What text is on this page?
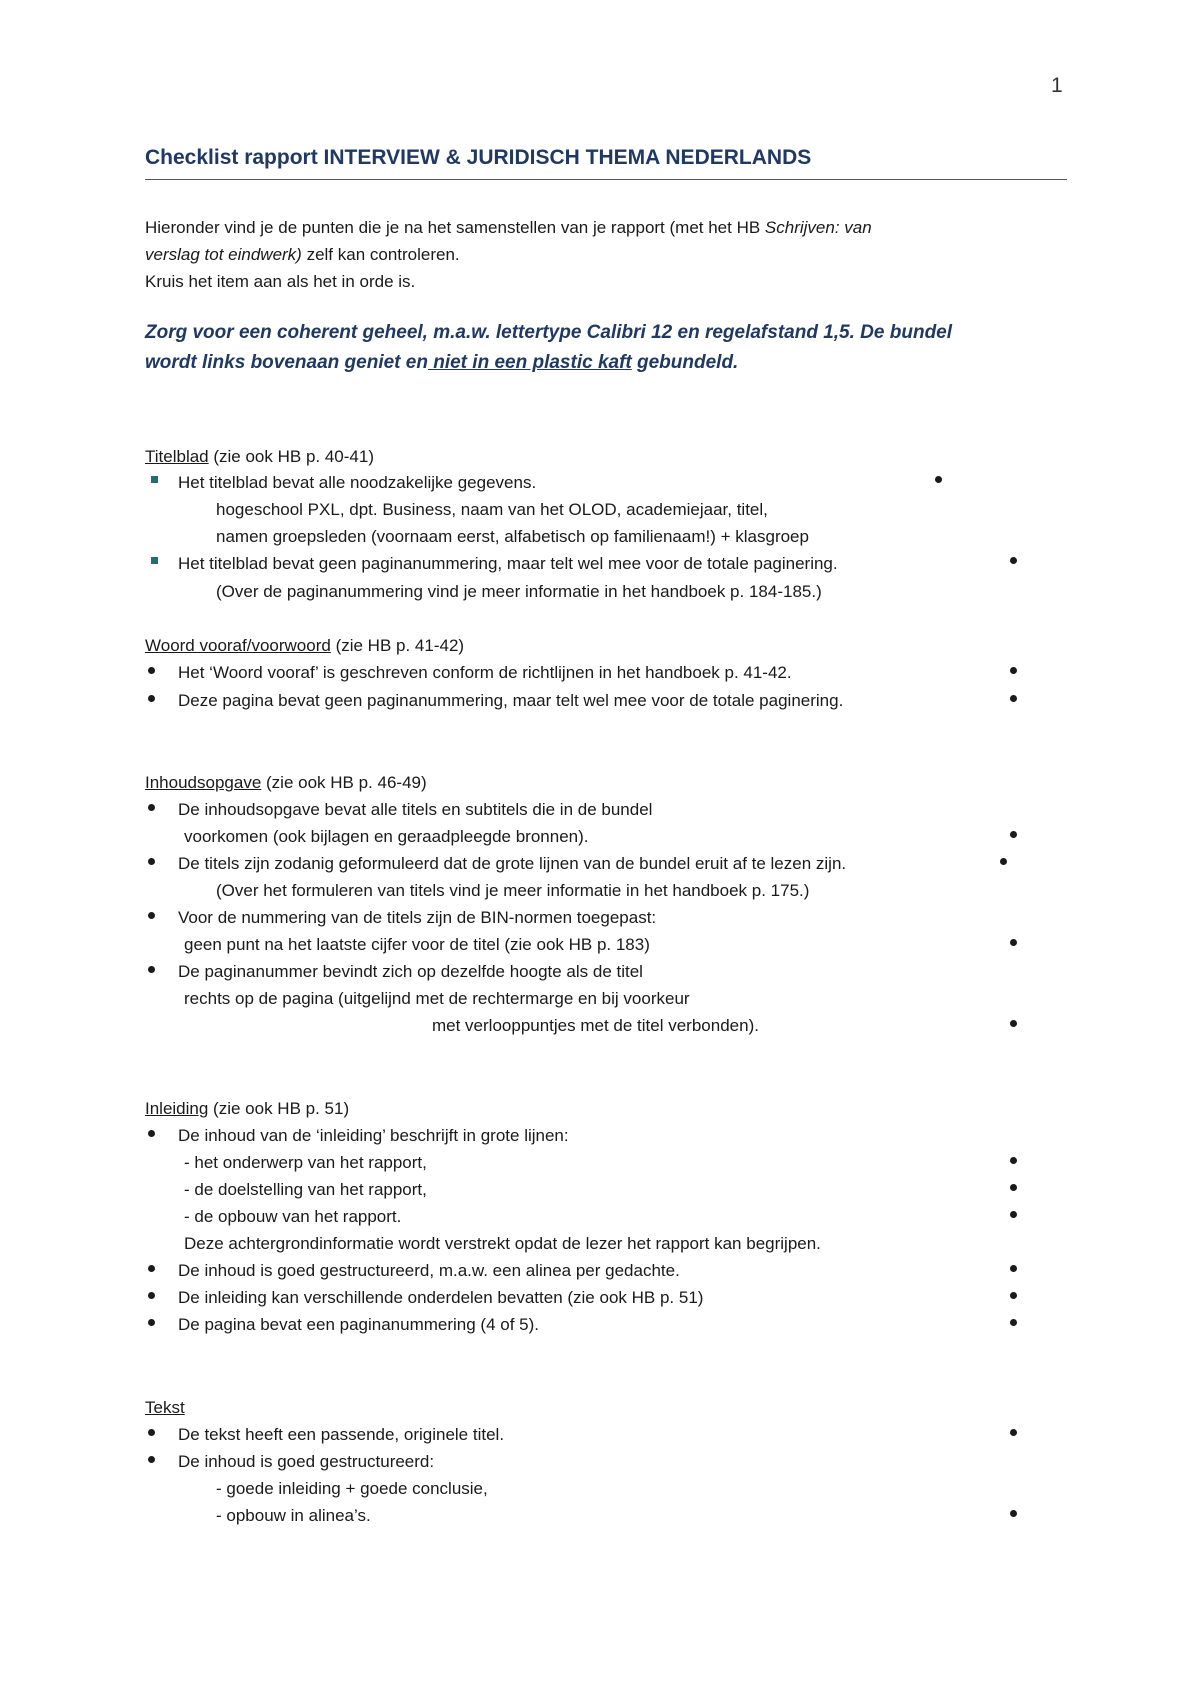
1
Checklist rapport INTERVIEW & JURIDISCH THEMA NEDERLANDS
Hieronder vind je de punten die je na het samenstellen van je rapport (met het HB Schrijven: van
verslag tot eindwerk) zelf kan controleren.
Kruis het item aan als het in orde is.
Zorg voor een coherent geheel, m.a.w. lettertype Calibri 12 en regelafstand 1,5. De bundel
wordt links bovenaan geniet en niet in een plastic kaft gebundeld.
Titelblad (zie ook HB p. 40-41)
Het titelblad bevat alle noodzakelijke gegevens.
hogeschool PXL, dpt. Business, naam van het OLOD, academiejaar, titel,
namen groepsleden (voornaam eerst, alfabetisch op familienaam!) + klasgroep
Het titelblad bevat geen paginanummering, maar telt wel mee voor de totale paginering.
(Over de paginanummering vind je meer informatie in het handboek p. 184-185.)
Woord vooraf/voorwoord (zie HB p. 41-42)
Het ‘Woord vooraf’ is geschreven conform de richtlijnen in het handboek p. 41-42.
Deze pagina bevat geen paginanummering, maar telt wel mee voor de totale paginering.
Inhoudsopgave (zie ook HB p. 46-49)
De inhoudsopgave bevat alle titels en subtitels die in de bundel
voorkomen (ook bijlagen en geraadpleegde bronnen).
De titels zijn zodanig geformuleerd dat de grote lijnen van de bundel eruit af te lezen zijn.
(Over het formuleren van titels vind je meer informatie in het handboek p. 175.)
Voor de nummering van de titels zijn de BIN-normen toegepast:
geen punt na het laatste cijfer voor de titel (zie ook HB p. 183)
De paginanummer bevindt zich op dezelfde hoogte als de titel
rechts op de pagina (uitgelijnd met de rechtermarge en bij voorkeur
met verlooppuntjes met de titel verbonden).
Inleiding (zie ook HB p. 51)
De inhoud van de ‘inleiding’ beschrijft in grote lijnen:
- het onderwerp van het rapport,
- de doelstelling van het rapport,
- de opbouw van het rapport.
Deze achtergrondinformatie wordt verstrekt opdat de lezer het rapport kan begrijpen.
De inhoud is goed gestructureerd, m.a.w. een alinea per gedachte.
De inleiding kan verschillende onderdelen bevatten (zie ook HB p. 51)
De pagina bevat een paginanummering (4 of 5).
Tekst
De tekst heeft een passende, originele titel.
De inhoud is goed gestructureerd:
- goede inleiding + goede conclusie,
- opbouw in alinea’s.
